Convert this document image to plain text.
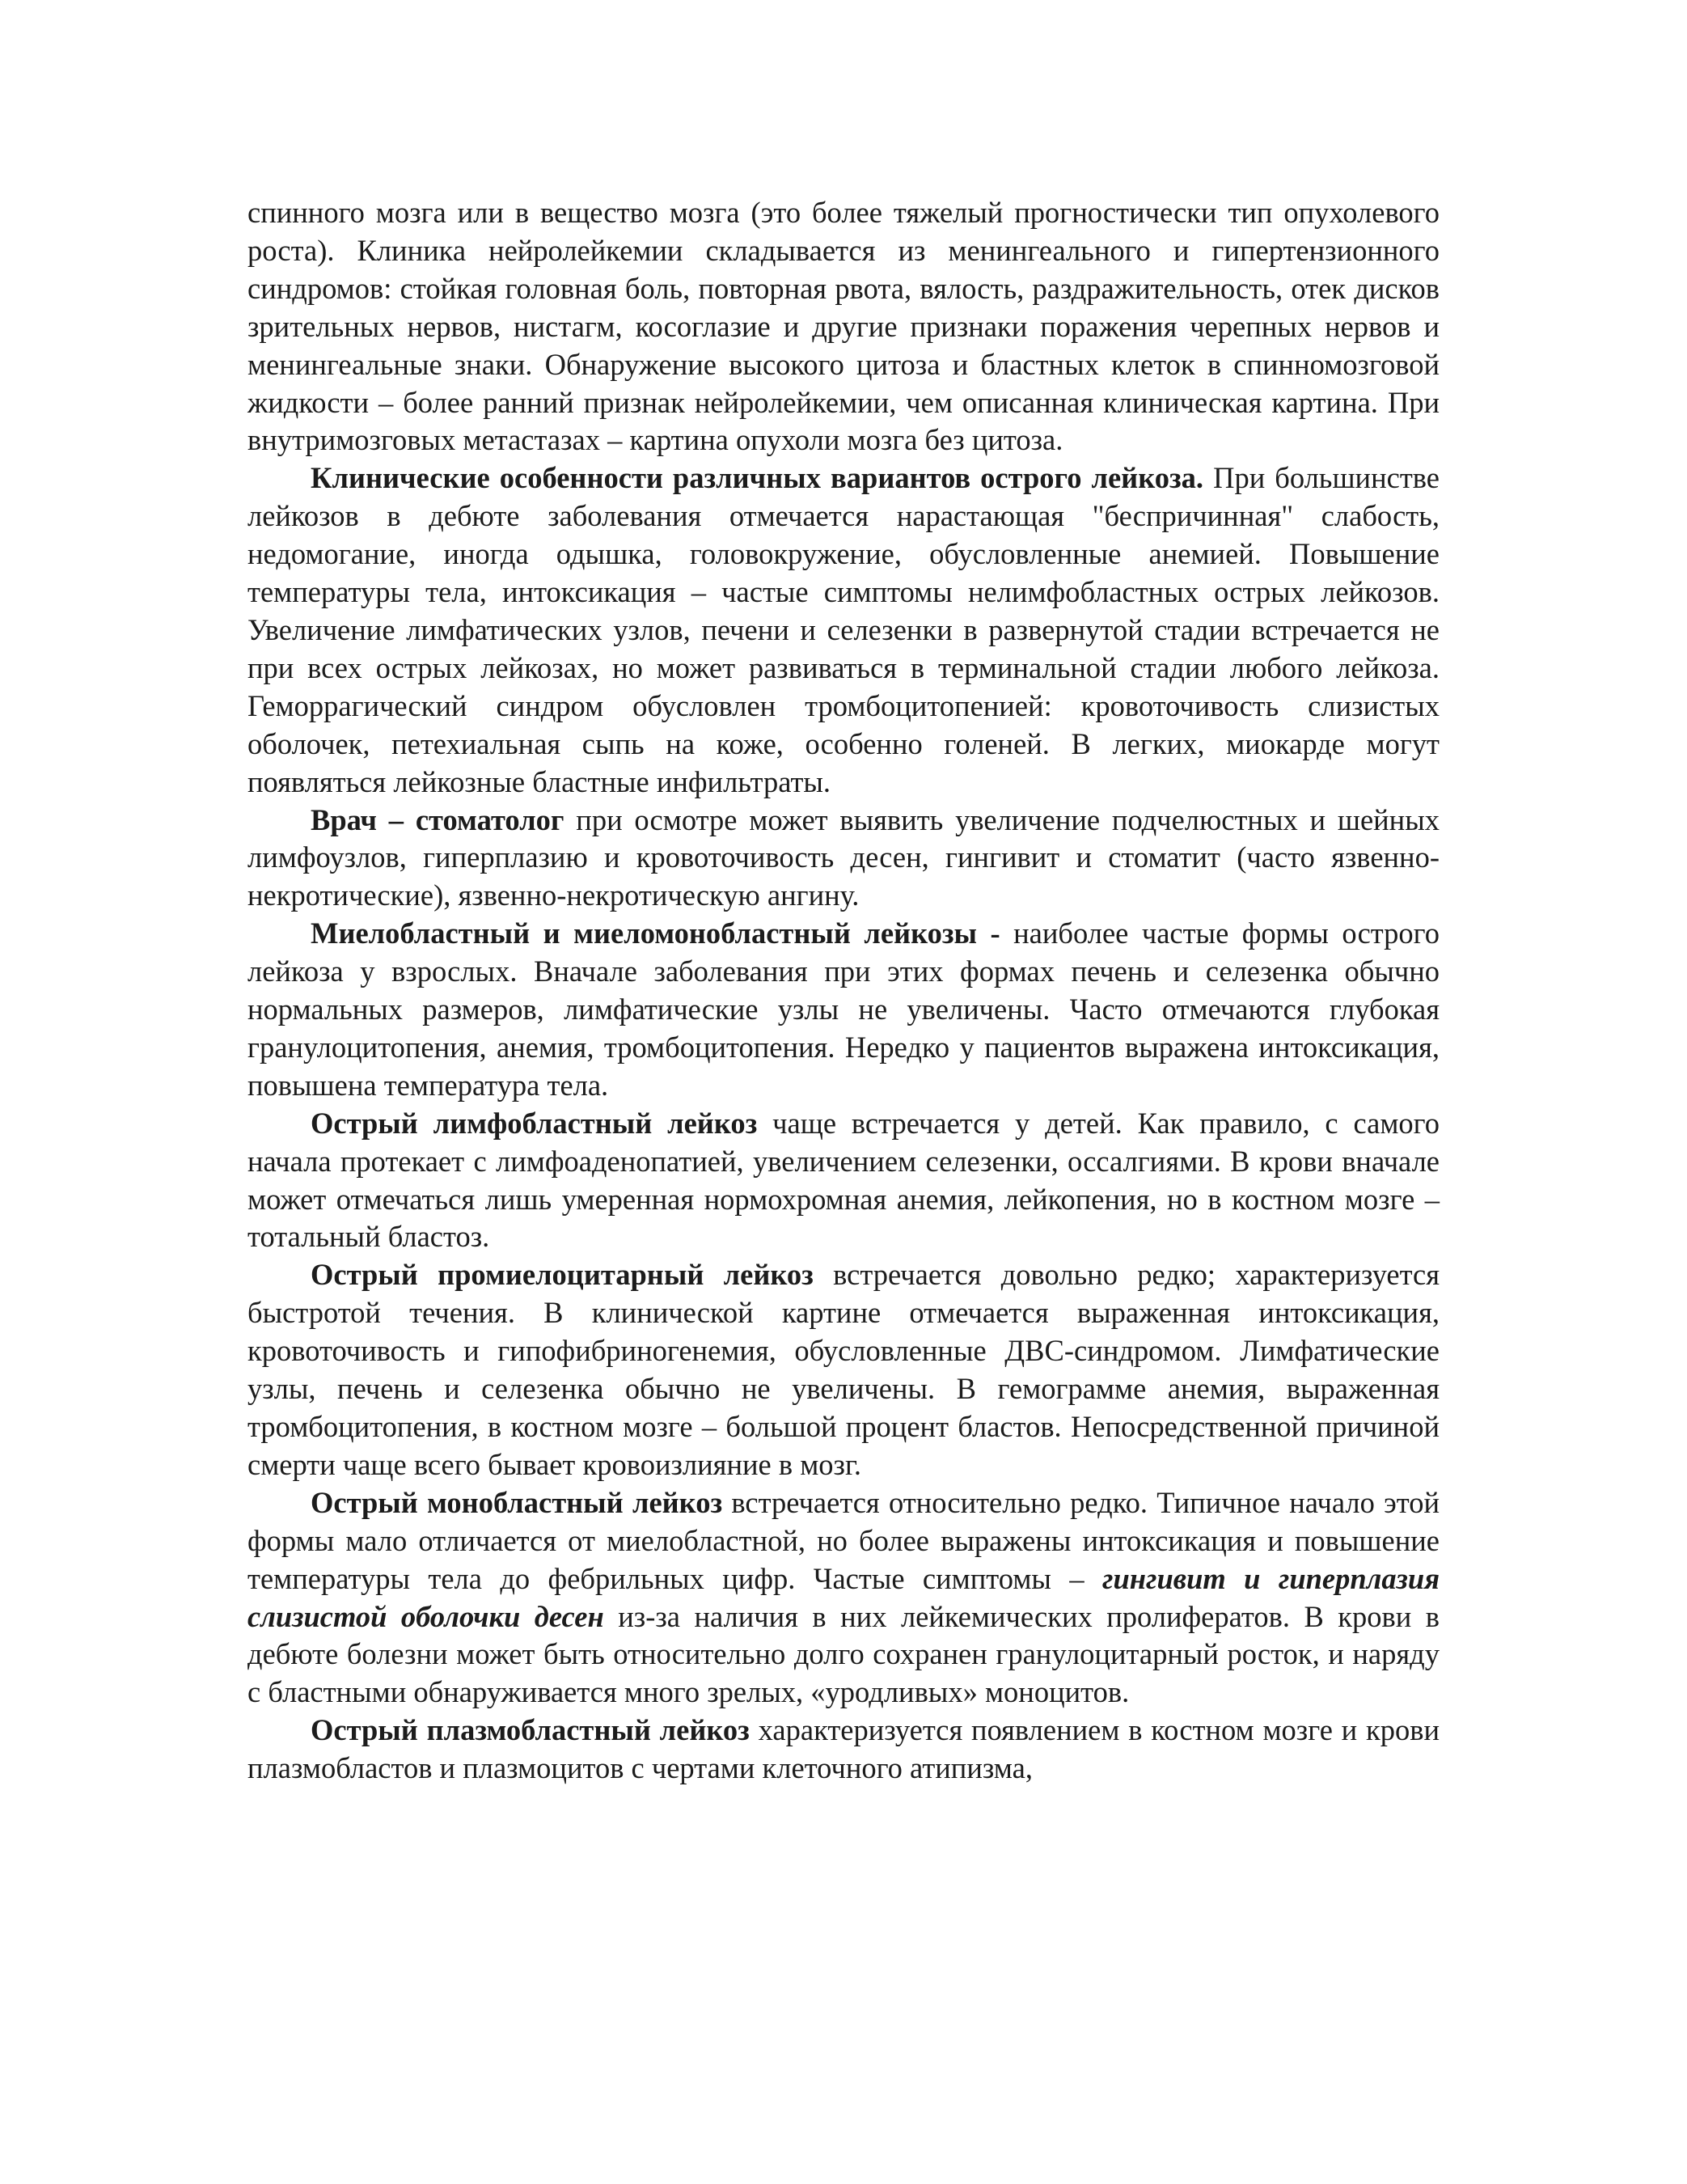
спинного мозга или в вещество мозга (это более тяжелый прогностически тип опухолевого роста). Клиника нейролейкемии складывается из менингеального и гипертензионного синдромов: стойкая головная боль, повторная рвота, вялость, раздражительность, отек дисков зрительных нервов, нистагм, косоглазие и другие признаки поражения черепных нервов и менингеальные знаки. Обнаружение высокого цитоза и бластных клеток в спинномозговой жидкости – более ранний признак нейролейкемии, чем описанная клиническая картина. При внутримозговых метастазах – картина опухоли мозга без цитоза.

Клинические особенности различных вариантов острого лейкоза. При большинстве лейкозов в дебюте заболевания отмечается нарастающая "беспричинная" слабость, недомогание, иногда одышка, головокружение, обусловленные анемией. Повышение температуры тела, интоксикация – частые симптомы нелимфобластных острых лейкозов. Увеличение лимфатических узлов, печени и селезенки в развернутой стадии встречается не при всех острых лейкозах, но может развиваться в терминальной стадии любого лейкоза. Геморрагический синдром обусловлен тромбоцитопенией: кровоточивость слизистых оболочек, петехиальная сыпь на коже, особенно голеней. В легких, миокарде могут появляться лейкозные бластные инфильтраты.

Врач – стоматолог при осмотре может выявить увеличение подчелюстных и шейных лимфоузлов, гиперплазию и кровоточивость десен, гингивит и стоматит (часто язвенно-некротические), язвенно-некротическую ангину.

Миелобластный и миеломонобластный лейкозы - наиболее частые формы острого лейкоза у взрослых. Вначале заболевания при этих формах печень и селезенка обычно нормальных размеров, лимфатические узлы не увеличены. Часто отмечаются глубокая гранулоцитопения, анемия, тромбоцитопения. Нередко у пациентов выражена интоксикация, повышена температура тела.

Острый лимфобластный лейкоз чаще встречается у детей. Как правило, с самого начала протекает с лимфоаденопатией, увеличением селезенки, оссалгиями. В крови вначале может отмечаться лишь умеренная нормохромная анемия, лейкопения, но в костном мозге – тотальный бластоз.

Острый промиелоцитарный лейкоз встречается довольно редко; характеризуется быстротой течения. В клинической картине отмечается выраженная интоксикация, кровоточивость и гипофибриногенемия, обусловленные ДВС-синдромом. Лимфатические узлы, печень и селезенка обычно не увеличены. В гемограмме анемия, выраженная тромбоцитопения, в костном мозге – большой процент бластов. Непосредственной причиной смерти чаще всего бывает кровоизлияние в мозг.

Острый монобластный лейкоз встречается относительно редко. Типичное начало этой формы мало отличается от миелобластной, но более выражены интоксикация и повышение температуры тела до фебрильных цифр. Частые симптомы – гингивит и гиперплазия слизистой оболочки десен из-за наличия в них лейкемических пролифератов. В крови в дебюте болезни может быть относительно долго сохранен гранулоцитарный росток, и наряду с бластными обнаруживается много зрелых, «уродливых» моноцитов.

Острый плазмобластный лейкоз характеризуется появлением в костном мозге и крови плазмобластов и плазмоцитов с чертами клеточного атипизма,
